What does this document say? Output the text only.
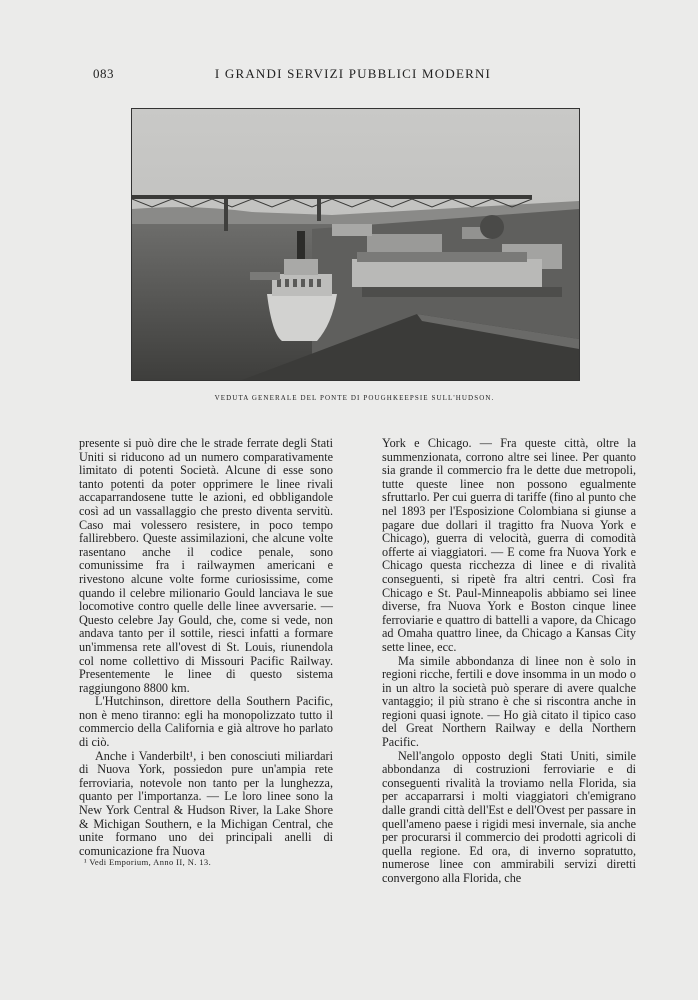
083	I GRANDI SERVIZI PUBBLICI MODERNI
VEDUTA GENERALE DEL PONTE DI POUGHKEEPSIE SULL'HUDSON.

presente si può dire che le strade ferrate degli Stati Uniti si riducono ad un numero comparativamente limitato di potenti Società. Alcune di esse sono tanto potenti da poter opprimere le linee rivali accaparrandosene tutte le azioni, ed obbligandole così ad un vassallaggio che presto diventa servitù. Caso mai volessero resistere, in poco tempo fallirebbero. Queste assimilazioni, che alcune volte rasentano anche il codice penale, sono comunissime fra i railwaymen americani e rivestono alcune volte forme curiosissime, come quando il celebre milionario Gould lanciava le sue locomotive contro quelle delle linee avversarie. — Questo celebre Jay Gould, che, come si vede, non andava tanto per il sottile, riesci infatti a formare un'immensa rete all'ovest di St. Louis, riunendola col nome collettivo di Missouri Pacific Railway. Presentemente le linee di questo sistema raggiungono 8800 km.

L'Hutchinson, direttore della Southern Pacific, non è meno tiranno: egli ha monopolizzato tutto il commercio della California e già altrove ho parlato di ciò.

Anche i Vanderbilt¹, i ben conosciuti miliardari di Nuova York, possiedon pure un'ampia rete ferroviaria, notevole non tanto per la lunghezza, quanto per l'importanza. — Le loro linee sono la New York Central & Hudson River, la Lake Shore & Michigan Southern, e la Michigan Central, che unite formano uno dei principali anelli di comunicazione fra Nuova

York e Chicago. — Fra queste città, oltre la summenzionata, corrono altre sei linee. Per quanto sia grande il commercio fra le dette due metropoli, tutte queste linee non possono egualmente sfruttarlo. Per cui guerra di tariffe (fino al punto che nel 1893 per l'Esposizione Colombiana si giunse a pagare due dollari il tragitto fra Nuova York e Chicago), guerra di velocità, guerra di comodità offerte ai viaggiatori. — E come fra Nuova York e Chicago questa ricchezza di linee e di rivalità conseguenti, si ripetè fra altri centri. Così fra Chicago e St. Paul-Minneapolis abbiamo sei linee diverse, fra Nuova York e Boston cinque linee ferroviarie e quattro di battelli a vapore, da Chicago ad Omaha quattro linee, da Chicago a Kansas City sette linee, ecc.

Ma simile abbondanza di linee non è solo in regioni ricche, fertili e dove insomma in un modo o in un altro la società può sperare di avere qualche vantaggio; il più strano è che si riscontra anche in regioni quasi ignote. — Ho già citato il tipico caso del Great Northern Railway e della Northern Pacific.

Nell'angolo opposto degli Stati Uniti, simile abbondanza di costruzioni ferroviarie e di conseguenti rivalità la troviamo nella Florida, sia per accaparrarsi i molti viaggiatori ch'emigrano dalle grandi città dell'Est e dell'Ovest per passare in quell'ameno paese i rigidi mesi invernale, sia anche per procurarsi il commercio dei prodotti agricoli di quella regione. Ed ora, di inverno sopratutto, numerose linee con ammirabili servizi diretti convergono alla Florida, che

¹ Vedi Emporium, Anno II, N. 13.
